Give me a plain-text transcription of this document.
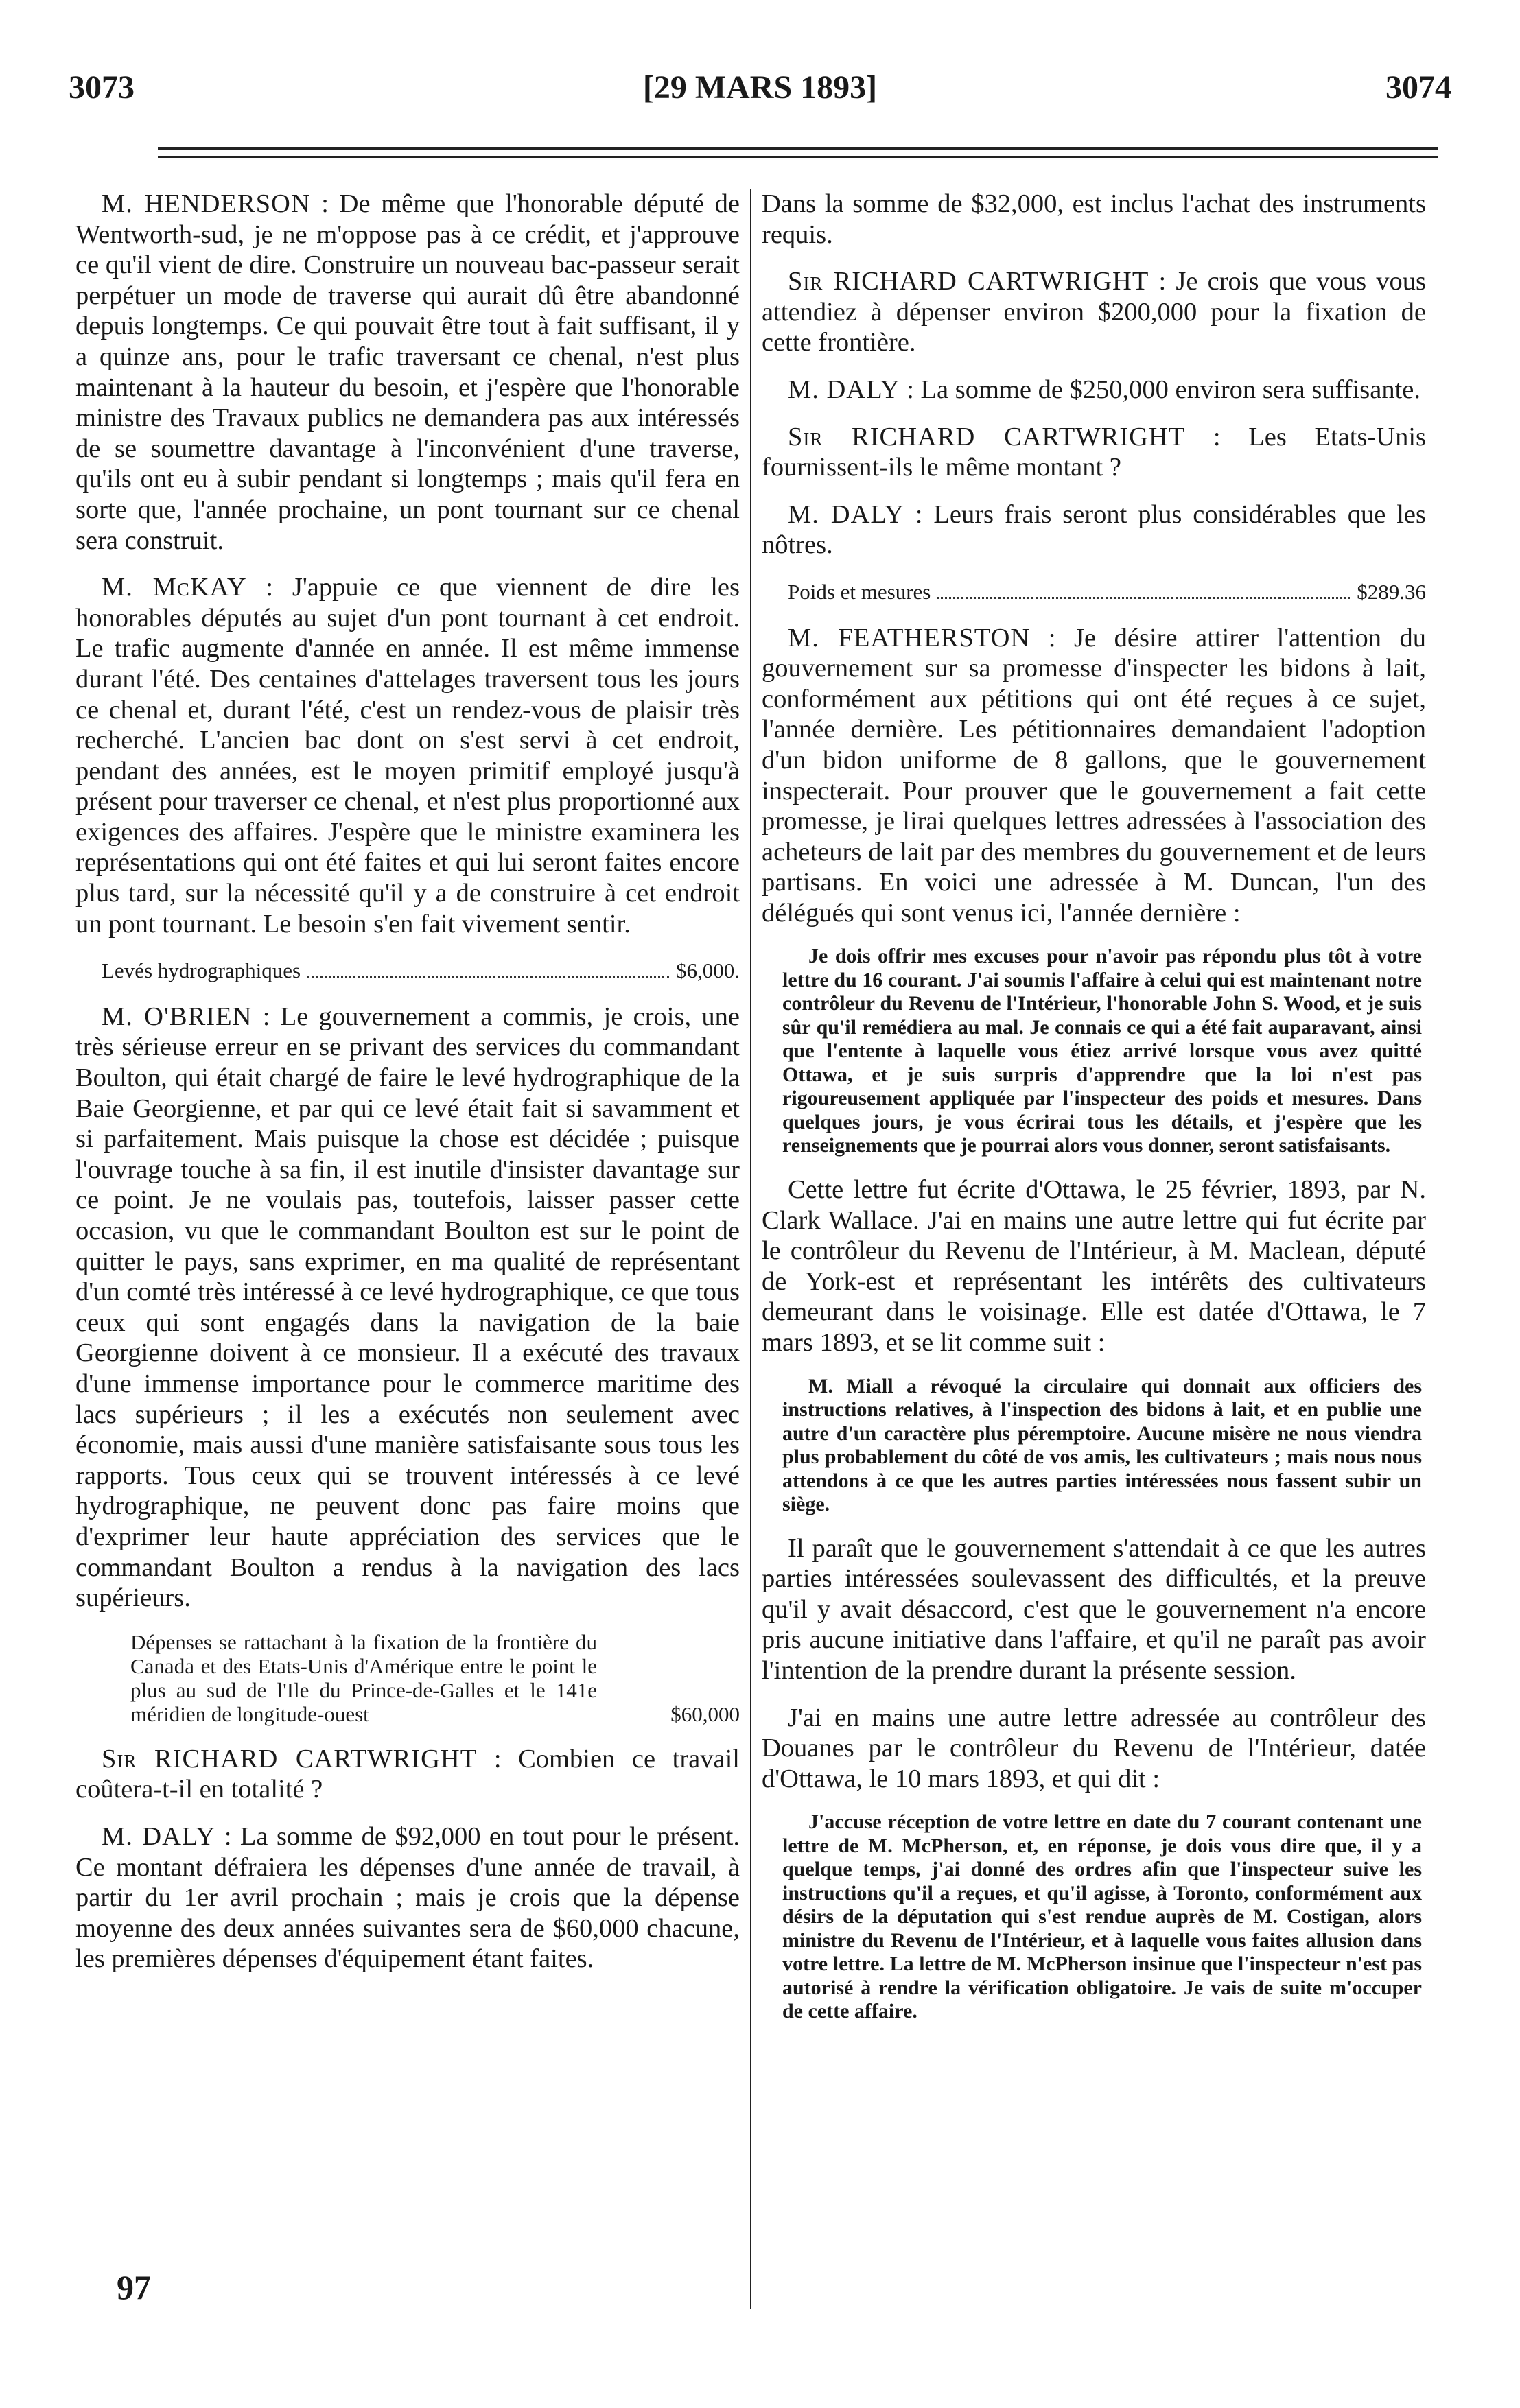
3073	[29 MARS 1893]	3074

M. HENDERSON : De même que l'honorable député de Wentworth-sud, je ne m'oppose pas à ce crédit, et j'approuve ce qu'il vient de dire. Construire un nouveau bac-passeur serait perpétuer un mode de traverse qui aurait dû être abandonné depuis longtemps. Ce qui pouvait être tout à fait suffisant, il y a quinze ans, pour le trafic traversant ce chenal, n'est plus maintenant à la hauteur du besoin, et j'espère que l'honorable ministre des Travaux publics ne demandera pas aux intéressés de se soumettre davantage à l'inconvénient d'une traverse, qu'ils ont eu à subir pendant si longtemps ; mais qu'il fera en sorte que, l'année prochaine, un pont tournant sur ce chenal sera construit.

M. McKAY : J'appuie ce que viennent de dire les honorables députés au sujet d'un pont tournant à cet endroit. Le trafic augmente d'année en année. Il est même immense durant l'été. Des centaines d'attelages traversent tous les jours ce chenal et, durant l'été, c'est un rendez-vous de plaisir très recherché. L'ancien bac dont on s'est servi à cet endroit, pendant des années, est le moyen primitif employé jusqu'à présent pour traverser ce chenal, et n'est plus proportionné aux exigences des affaires. J'espère que le ministre examinera les représentations qui ont été faites et qui lui seront faites encore plus tard, sur la nécessité qu'il y a de construire à cet endroit un pont tournant. Le besoin s'en fait vivement sentir.

Levés hydrographiques	$6,000.

M. O'BRIEN : Le gouvernement a commis, je crois, une très sérieuse erreur en se privant des services du commandant Boulton, qui était chargé de faire le levé hydrographique de la Baie Georgienne, et par qui ce levé était fait si savamment et si parfaitement. Mais puisque la chose est décidée ; puisque l'ouvrage touche à sa fin, il est inutile d'insister davantage sur ce point. Je ne voulais pas, toutefois, laisser passer cette occasion, vu que le commandant Boulton est sur le point de quitter le pays, sans exprimer, en ma qualité de représentant d'un comté très intéressé à ce levé hydrographique, ce que tous ceux qui sont engagés dans la navigation de la baie Georgienne doivent à ce monsieur. Il a exécuté des travaux d'une immense importance pour le commerce maritime des lacs supérieurs ; il les a exécutés non seulement avec économie, mais aussi d'une manière satisfaisante sous tous les rapports. Tous ceux qui se trouvent intéressés à ce levé hydrographique, ne peuvent donc pas faire moins que d'exprimer leur haute appréciation des services que le commandant Boulton a rendus à la navigation des lacs supérieurs.

Dépenses se rattachant à la fixation de la frontière du Canada et des Etats-Unis d'Amérique entre le point le plus au sud de l'Ile du Prince-de-Galles et le 141e méridien de longitude-ouest	$60,000

Sir RICHARD CARTWRIGHT : Combien ce travail coûtera-t-il en totalité ?

M. DALY : La somme de $92,000 en tout pour le présent. Ce montant défraiera les dépenses d'une année de travail, à partir du 1er avril prochain ; mais je crois que la dépense moyenne des deux années suivantes sera de $60,000 chacune, les premières dépenses d'équipement étant faites.

Dans la somme de $32,000, est inclus l'achat des instruments requis.

Sir RICHARD CARTWRIGHT : Je crois que vous vous attendiez à dépenser environ $200,000 pour la fixation de cette frontière.

M. DALY : La somme de $250,000 environ sera suffisante.

Sir RICHARD CARTWRIGHT : Les Etats-Unis fournissent-ils le même montant ?

M. DALY : Leurs frais seront plus considérables que les nôtres.

Poids et mesures	$289.36

M. FEATHERSTON : Je désire attirer l'attention du gouvernement sur sa promesse d'inspecter les bidons à lait, conformément aux pétitions qui ont été reçues à ce sujet, l'année dernière. Les pétitionnaires demandaient l'adoption d'un bidon uniforme de 8 gallons, que le gouvernement inspecterait. Pour prouver que le gouvernement a fait cette promesse, je lirai quelques lettres adressées à l'association des acheteurs de lait par des membres du gouvernement et de leurs partisans. En voici une adressée à M. Duncan, l'un des délégués qui sont venus ici, l'année dernière :

Je dois offrir mes excuses pour n'avoir pas répondu plus tôt à votre lettre du 16 courant. J'ai soumis l'affaire à celui qui est maintenant notre contrôleur du Revenu de l'Intérieur, l'honorable John S. Wood, et je suis sûr qu'il remédiera au mal. Je connais ce qui a été fait auparavant, ainsi que l'entente à laquelle vous étiez arrivé lorsque vous avez quitté Ottawa, et je suis surpris d'apprendre que la loi n'est pas rigoureusement appliquée par l'inspecteur des poids et mesures. Dans quelques jours, je vous écrirai tous les détails, et j'espère que les renseignements que je pourrai alors vous donner, seront satisfaisants.

Cette lettre fut écrite d'Ottawa, le 25 février, 1893, par N. Clark Wallace. J'ai en mains une autre lettre qui fut écrite par le contrôleur du Revenu de l'Intérieur, à M. Maclean, député de York-est et représentant les intérêts des cultivateurs demeurant dans le voisinage. Elle est datée d'Ottawa, le 7 mars 1893, et se lit comme suit :

M. Miall a révoqué la circulaire qui donnait aux officiers des instructions relatives, à l'inspection des bidons à lait, et en publie une autre d'un caractère plus péremptoire. Aucune misère ne nous viendra plus probablement du côté de vos amis, les cultivateurs ; mais nous nous attendons à ce que les autres parties intéressées nous fassent subir un siège.

Il paraît que le gouvernement s'attendait à ce que les autres parties intéressées soulevassent des difficultés, et la preuve qu'il y avait désaccord, c'est que le gouvernement n'a encore pris aucune initiative dans l'affaire, et qu'il ne paraît pas avoir l'intention de la prendre durant la présente session.

J'ai en mains une autre lettre adressée au contrôleur des Douanes par le contrôleur du Revenu de l'Intérieur, datée d'Ottawa, le 10 mars 1893, et qui dit :

J'accuse réception de votre lettre en date du 7 courant contenant une lettre de M. McPherson, et, en réponse, je dois vous dire que, il y a quelque temps, j'ai donné des ordres afin que l'inspecteur suive les instructions qu'il a reçues, et qu'il agisse, à Toronto, conformément aux désirs de la députation qui s'est rendue auprès de M. Costigan, alors ministre du Revenu de l'Intérieur, et à laquelle vous faites allusion dans votre lettre. La lettre de M. McPherson insinue que l'inspecteur n'est pas autorisé à rendre la vérification obligatoire. Je vais de suite m'occuper de cette affaire.

97
